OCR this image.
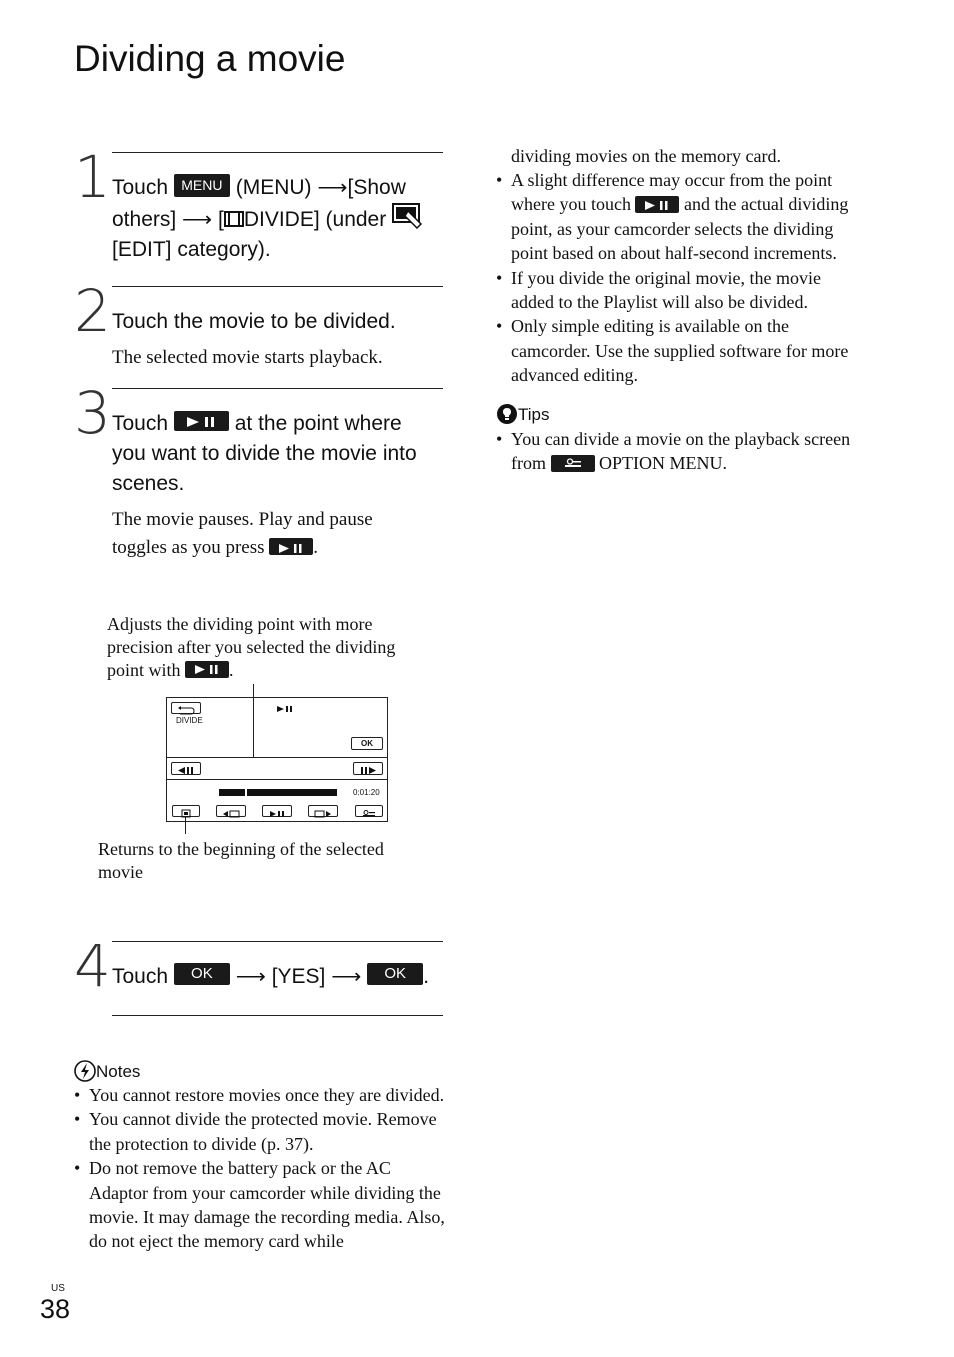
Dividing a movie
1 Touch MENU (MENU) ⟶[Show
others] ⟶ [ DIVIDE] (under
[EDIT] category).
2 Touch the movie to be divided.
The selected movie starts playback.
3 Touch	at the point where
you want to divide the movie into
scenes.
The movie pauses. Play and pause
toggles as you press	.
Adjusts the dividing point with more
precision after you selected the dividing
point with	.
DIVIDE
OK
0:01:20
Returns to the beginning of the selected
movie
4 Touch OK ⟶ [YES] ⟶ OK .
Notes
• You cannot restore movies once they are divided.
• You cannot divide the protected movie. Remove the protection to divide (p. 37).
• Do not remove the battery pack or the AC Adaptor from your camcorder while dividing the movie. It may damage the recording media. Also, do not eject the memory card while
dividing movies on the memory card.
• A slight difference may occur from the point where you touch	and the actual dividing point, as your camcorder selects the dividing point based on about half-second increments.
• If you divide the original movie, the movie added to the Playlist will also be divided.
• Only simple editing is available on the camcorder. Use the supplied software for more advanced editing.
Tips
• You can divide a movie on the playback screen from	OPTION MENU.
US
38
